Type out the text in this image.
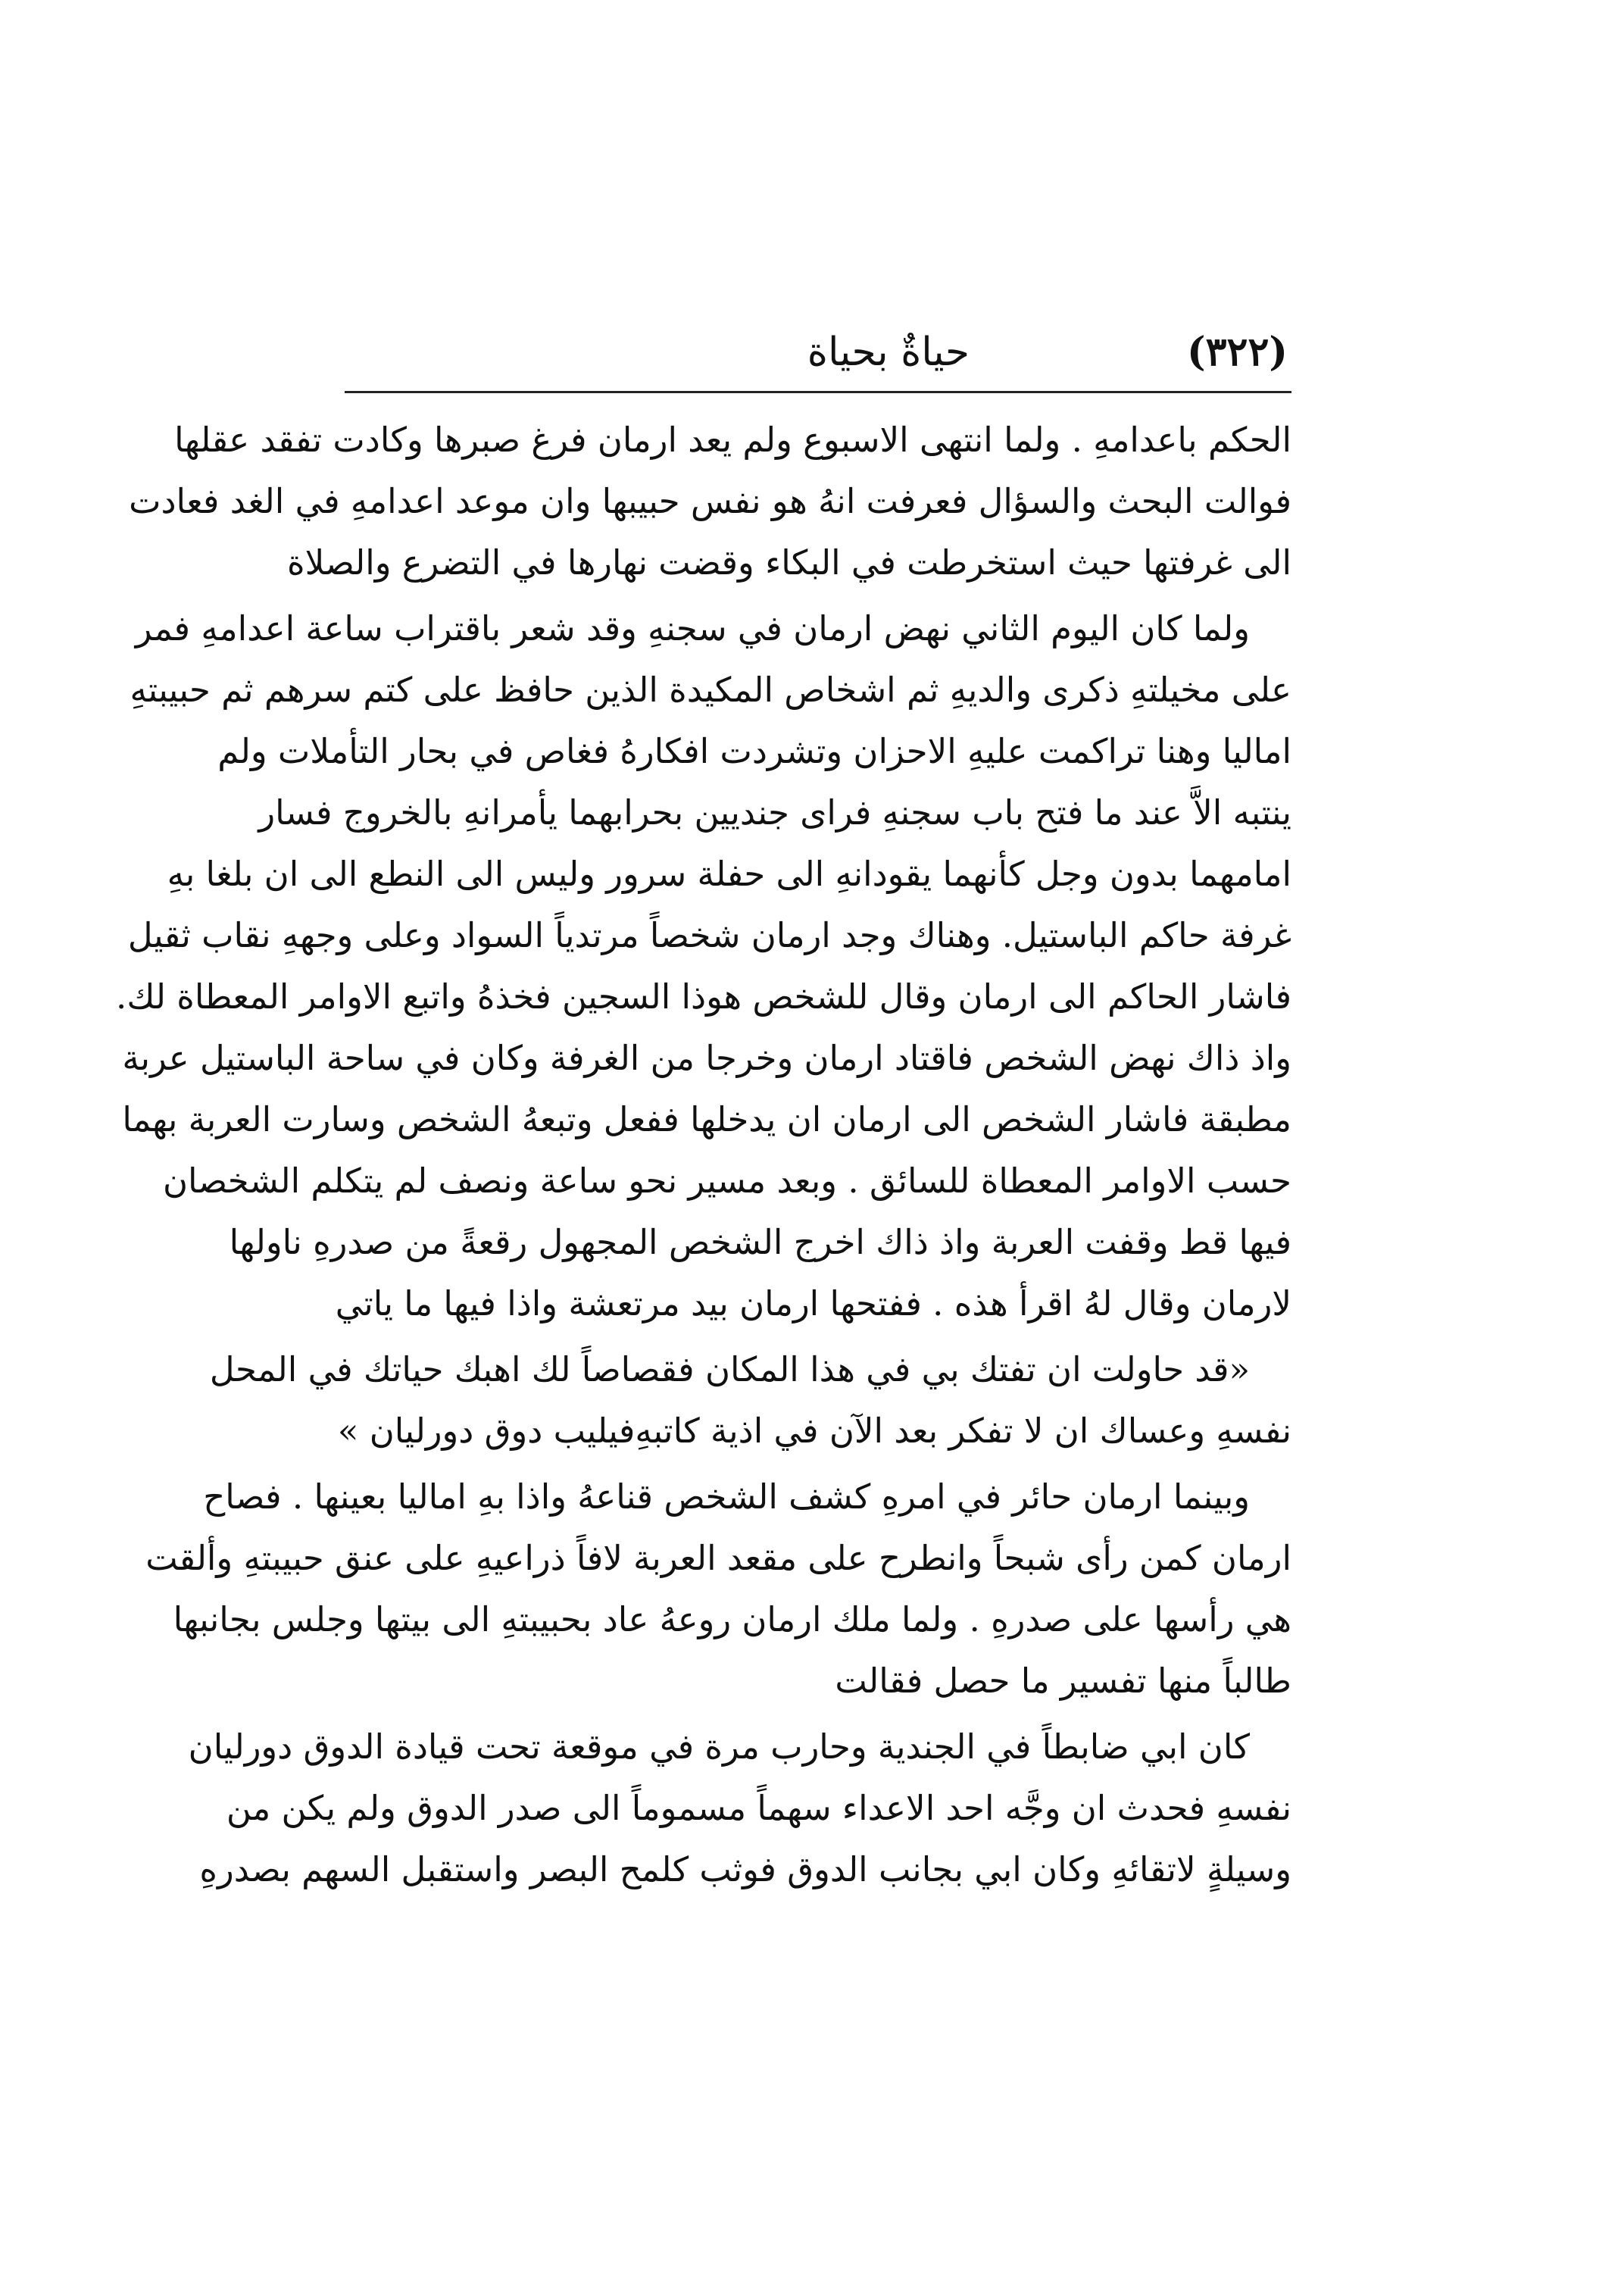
(٣٢٢)
حياةٌ بحياة
الحكم باعدامهِ . ولما انتهى الاسبوع ولم يعد ارمان فرغ صبرها وكادت تفقد عقلها
فوالت البحث والسؤال فعرفت انهُ هو نفس حبيبها وان موعد اعدامهِ في الغد فعادت
الى غرفتها حيث استخرطت في البكاء وقضت نهارها في التضرع والصلاة
ولما كان اليوم الثاني نهض ارمان في سجنهِ وقد شعر باقتراب ساعة اعدامهِ فمر
على مخيلتهِ ذكرى والديهِ ثم اشخاص المكيدة الذين حافظ على كتم سرهم ثم حبيبتهِ
اماليا وهنا تراكمت عليهِ الاحزان وتشردت افكارهُ فغاص في بحار التأملات ولم
ينتبه الاَّ عند ما فتح باب سجنهِ فراى جنديين بحرابهما يأمرانهِ بالخروج فسار
امامهما بدون وجل كأنهما يقودانهِ الى حفلة سرور وليس الى النطع الى ان بلغا بهِ
غرفة حاكم الباستيل. وهناك وجد ارمان شخصاً مرتدياً السواد وعلى وجههِ نقاب ثقيل
فاشار الحاكم الى ارمان وقال للشخص هوذا السجين فخذهُ واتبع الاوامر المعطاة لك.
واذ ذاك نهض الشخص فاقتاد ارمان وخرجا من الغرفة وكان في ساحة الباستيل عربة
مطبقة فاشار الشخص الى ارمان ان يدخلها ففعل وتبعهُ الشخص وسارت العربة بهما
حسب الاوامر المعطاة للسائق . وبعد مسير نحو ساعة ونصف لم يتكلم الشخصان
فيها قط وقفت العربة واذ ذاك اخرج الشخص المجهول رقعةً من صدرهِ ناولها
لارمان وقال لهُ اقرأ هذه . ففتحها ارمان بيد مرتعشة واذا فيها ما ياتي
«قد حاولت ان تفتك بي في هذا المكان فقصاصاً لك اهبك حياتك في المحل
نفسهِ وعساك ان لا تفكر بعد الآن في اذية كاتبهِ
فيليب دوق دورليان »
وبينما ارمان حائر في امرهِ كشف الشخص قناعهُ واذا بهِ اماليا بعينها . فصاح
ارمان كمن رأى شبحاً وانطرح على مقعد العربة لافاً ذراعيهِ على عنق حبيبتهِ وألقت
هي رأسها على صدرهِ . ولما ملك ارمان روعهُ عاد بحبيبتهِ الى بيتها وجلس بجانبها
طالباً منها تفسير ما حصل فقالت
كان ابي ضابطاً في الجندية وحارب مرة في موقعة تحت قيادة الدوق دورليان
نفسهِ فحدث ان وجَّه احد الاعداء سهماً مسموماً الى صدر الدوق ولم يكن من
وسيلةٍ لاتقائهِ وكان ابي بجانب الدوق فوثب كلمح البصر واستقبل السهم بصدرهِ
